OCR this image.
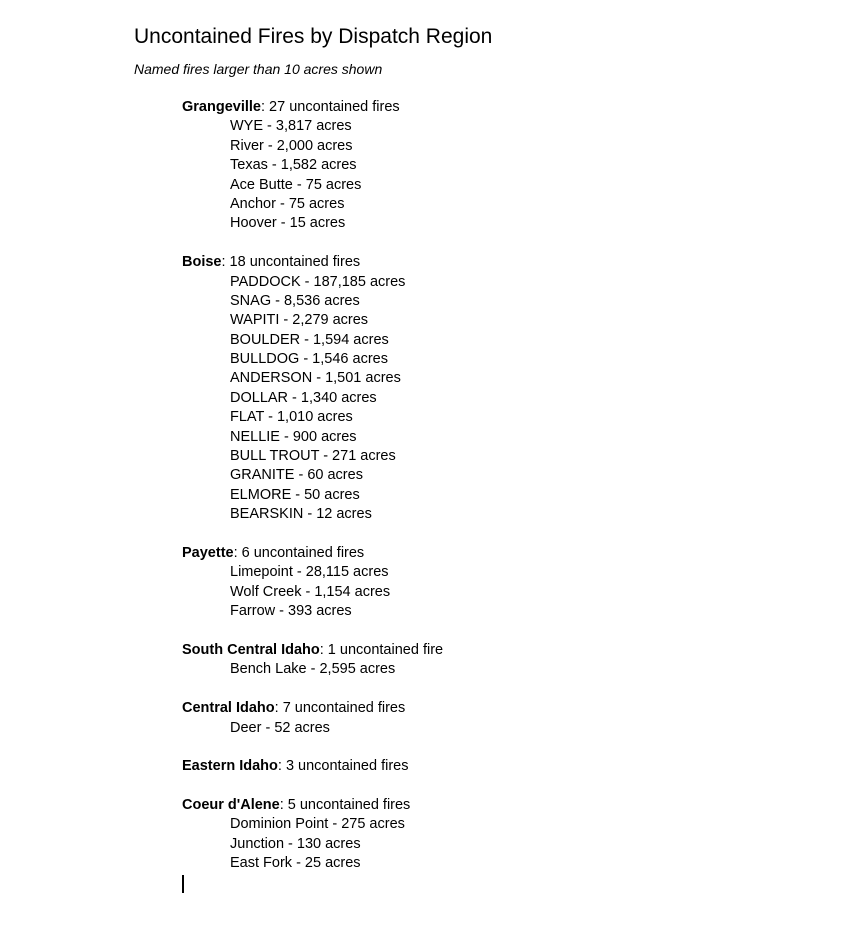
Uncontained Fires by Dispatch Region

Named fires larger than 10 acres shown

Grangeville: 27 uncontained fires
WYE - 3,817 acres
River - 2,000 acres
Texas - 1,582 acres
Ace Butte - 75 acres
Anchor - 75 acres
Hoover - 15 acres
Boise: 18 uncontained fires
PADDOCK - 187,185 acres
SNAG - 8,536 acres
WAPITI - 2,279 acres
BOULDER - 1,594 acres
BULLDOG - 1,546 acres
ANDERSON - 1,501 acres
DOLLAR - 1,340 acres
FLAT - 1,010 acres
NELLIE - 900 acres
BULL TROUT - 271 acres
GRANITE - 60 acres
ELMORE - 50 acres
BEARSKIN - 12 acres
Payette: 6 uncontained fires
Limepoint - 28,115 acres
Wolf Creek - 1,154 acres
Farrow - 393 acres
South Central Idaho: 1 uncontained fire
Bench Lake - 2,595 acres
Central Idaho: 7 uncontained fires
Deer - 52 acres
Eastern Idaho: 3 uncontained fires
Coeur d'Alene: 5 uncontained fires
Dominion Point - 275 acres
Junction - 130 acres
East Fork - 25 acres
